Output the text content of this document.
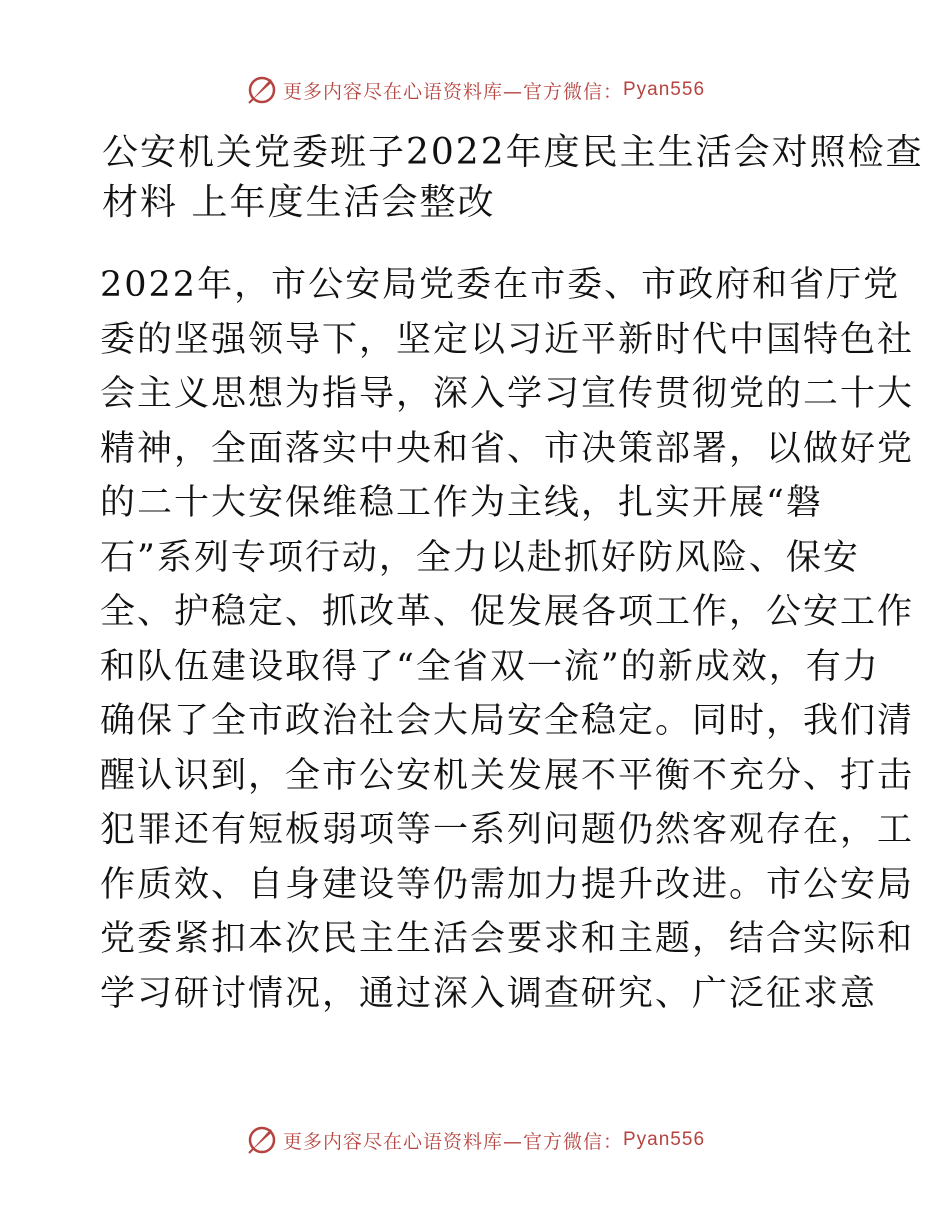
更多内容尽在心语资料库—官方微信： Pyan556
公安机关党委班子2022年度民主生活会对照检查
材料 上年度生活会整改
2022年，市公安局党委在市委、市政府和省厅党
委的坚强领导下，坚定以习近平新时代中国特色社
会主义思想为指导，深入学习宣传贯彻党的二十大
精神，全面落实中央和省、市决策部署，以做好党
的二十大安保维稳工作为主线，扎实开展“磐
石”系列专项行动，全力以赴抓好防风险、保安
全、护稳定、抓改革、促发展各项工作，公安工作
和队伍建设取得了“全省双一流”的新成效，有力
确保了全市政治社会大局安全稳定。同时，我们清
醒认识到，全市公安机关发展不平衡不充分、打击
犯罪还有短板弱项等一系列问题仍然客观存在，工
作质效、自身建设等仍需加力提升改进。市公安局
党委紧扣本次民主生活会要求和主题，结合实际和
学习研讨情况，通过深入调查研究、广泛征求意
更多内容尽在心语资料库—官方微信： Pyan556
